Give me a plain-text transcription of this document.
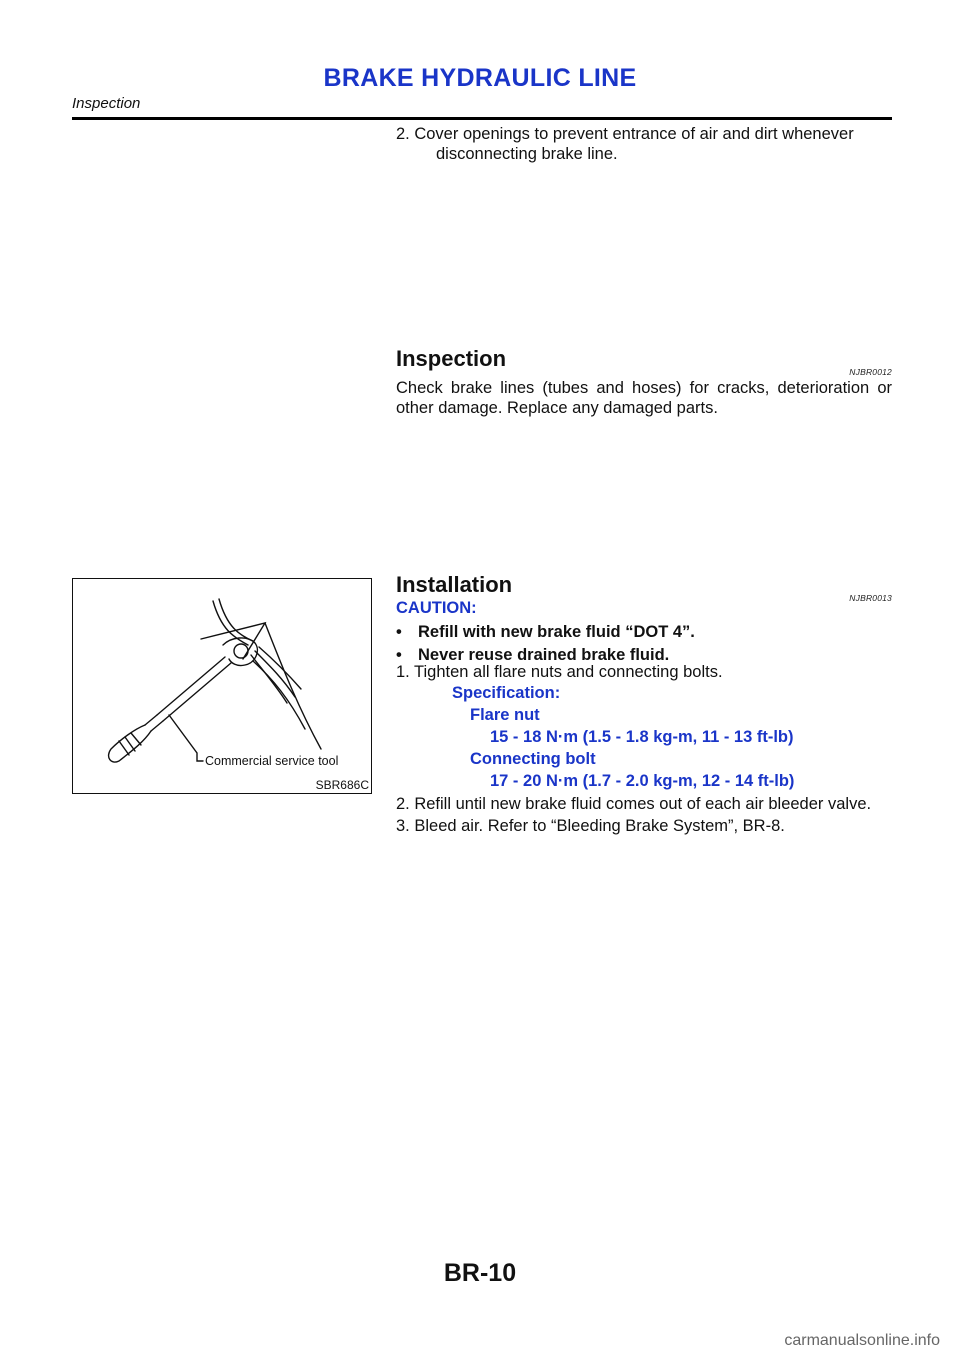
BRAKE HYDRAULIC LINE
Inspection
2. Cover openings to prevent entrance of air and dirt whenever
disconnecting brake line.
Inspection
NJBR0012
Check brake lines (tubes and hoses) for cracks, deterioration or other damage. Replace any damaged parts.
Commercial service tool
SBR686C
Installation
NJBR0013
CAUTION:
• Refill with new brake fluid “DOT 4”.
• Never reuse drained brake fluid.
1. Tighten all flare nuts and connecting bolts.
Specification:
Flare nut
15 - 18 N·m (1.5 - 1.8 kg-m, 11 - 13 ft-lb)
Connecting bolt
17 - 20 N·m (1.7 - 2.0 kg-m, 12 - 14 ft-lb)
2. Refill until new brake fluid comes out of each air bleeder valve.
3. Bleed air. Refer to “Bleeding Brake System”, BR-8.
BR-10
carmanualsonline.info
